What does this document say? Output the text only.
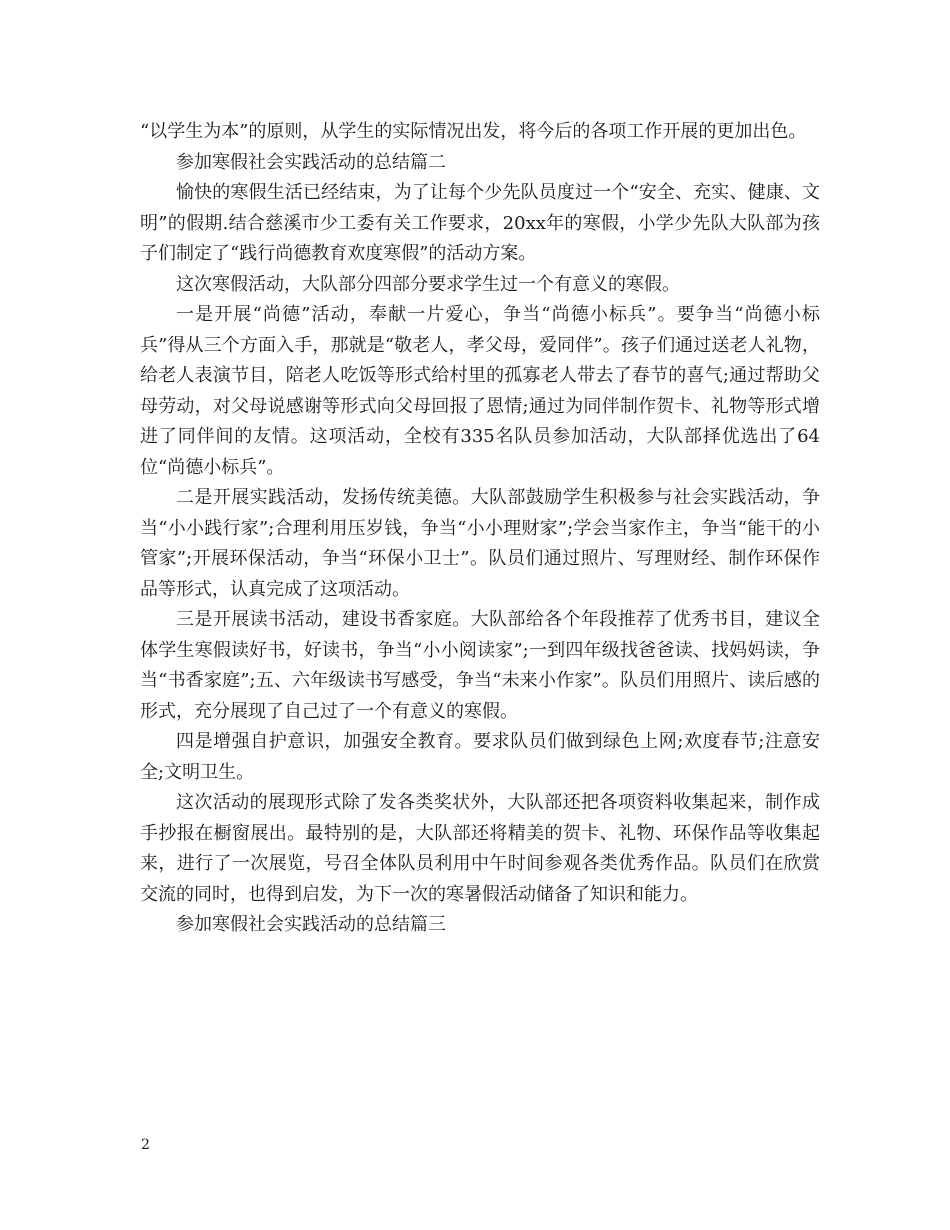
“以学生为本”的原则，从学生的实际情况出发，将今后的各项工作开展的更加出色。

参加寒假社会实践活动的总结篇二

愉快的寒假生活已经结束，为了让每个少先队员度过一个“安全、充实、健康、文明”的假期.结合慈溪市少工委有关工作要求，20xx年的寒假，小学少先队大队部为孩子们制定了“践行尚德教育欢度寒假”的活动方案。

这次寒假活动，大队部分四部分要求学生过一个有意义的寒假。

一是开展“尚德”活动，奉献一片爱心，争当“尚德小标兵”。要争当“尚德小标兵”得从三个方面入手，那就是“敬老人，孝父母，爱同伴”。孩子们通过送老人礼物，给老人表演节目，陪老人吃饭等形式给村里的孤寡老人带去了春节的喜气;通过帮助父母劳动，对父母说感谢等形式向父母回报了恩情;通过为同伴制作贺卡、礼物等形式增进了同伴间的友情。这项活动，全校有335名队员参加活动，大队部择优选出了64位“尚德小标兵”。

二是开展实践活动，发扬传统美德。大队部鼓励学生积极参与社会实践活动，争当“小小践行家”;合理利用压岁钱，争当“小小理财家”;学会当家作主，争当“能干的小管家”;开展环保活动，争当“环保小卫士”。队员们通过照片、写理财经、制作环保作品等形式，认真完成了这项活动。

三是开展读书活动，建设书香家庭。大队部给各个年段推荐了优秀书目，建议全体学生寒假读好书，好读书，争当“小小阅读家”;一到四年级找爸爸读、找妈妈读，争当“书香家庭”;五、六年级读书写感受，争当“未来小作家”。队员们用照片、读后感的形式，充分展现了自己过了一个有意义的寒假。

四是增强自护意识，加强安全教育。要求队员们做到绿色上网;欢度春节;注意安全;文明卫生。

这次活动的展现形式除了发各类奖状外，大队部还把各项资料收集起来，制作成手抄报在橱窗展出。最特别的是，大队部还将精美的贺卡、礼物、环保作品等收集起来，进行了一次展览，号召全体队员利用中午时间参观各类优秀作品。队员们在欣赏交流的同时，也得到启发，为下一次的寒暑假活动储备了知识和能力。

参加寒假社会实践活动的总结篇三

2
